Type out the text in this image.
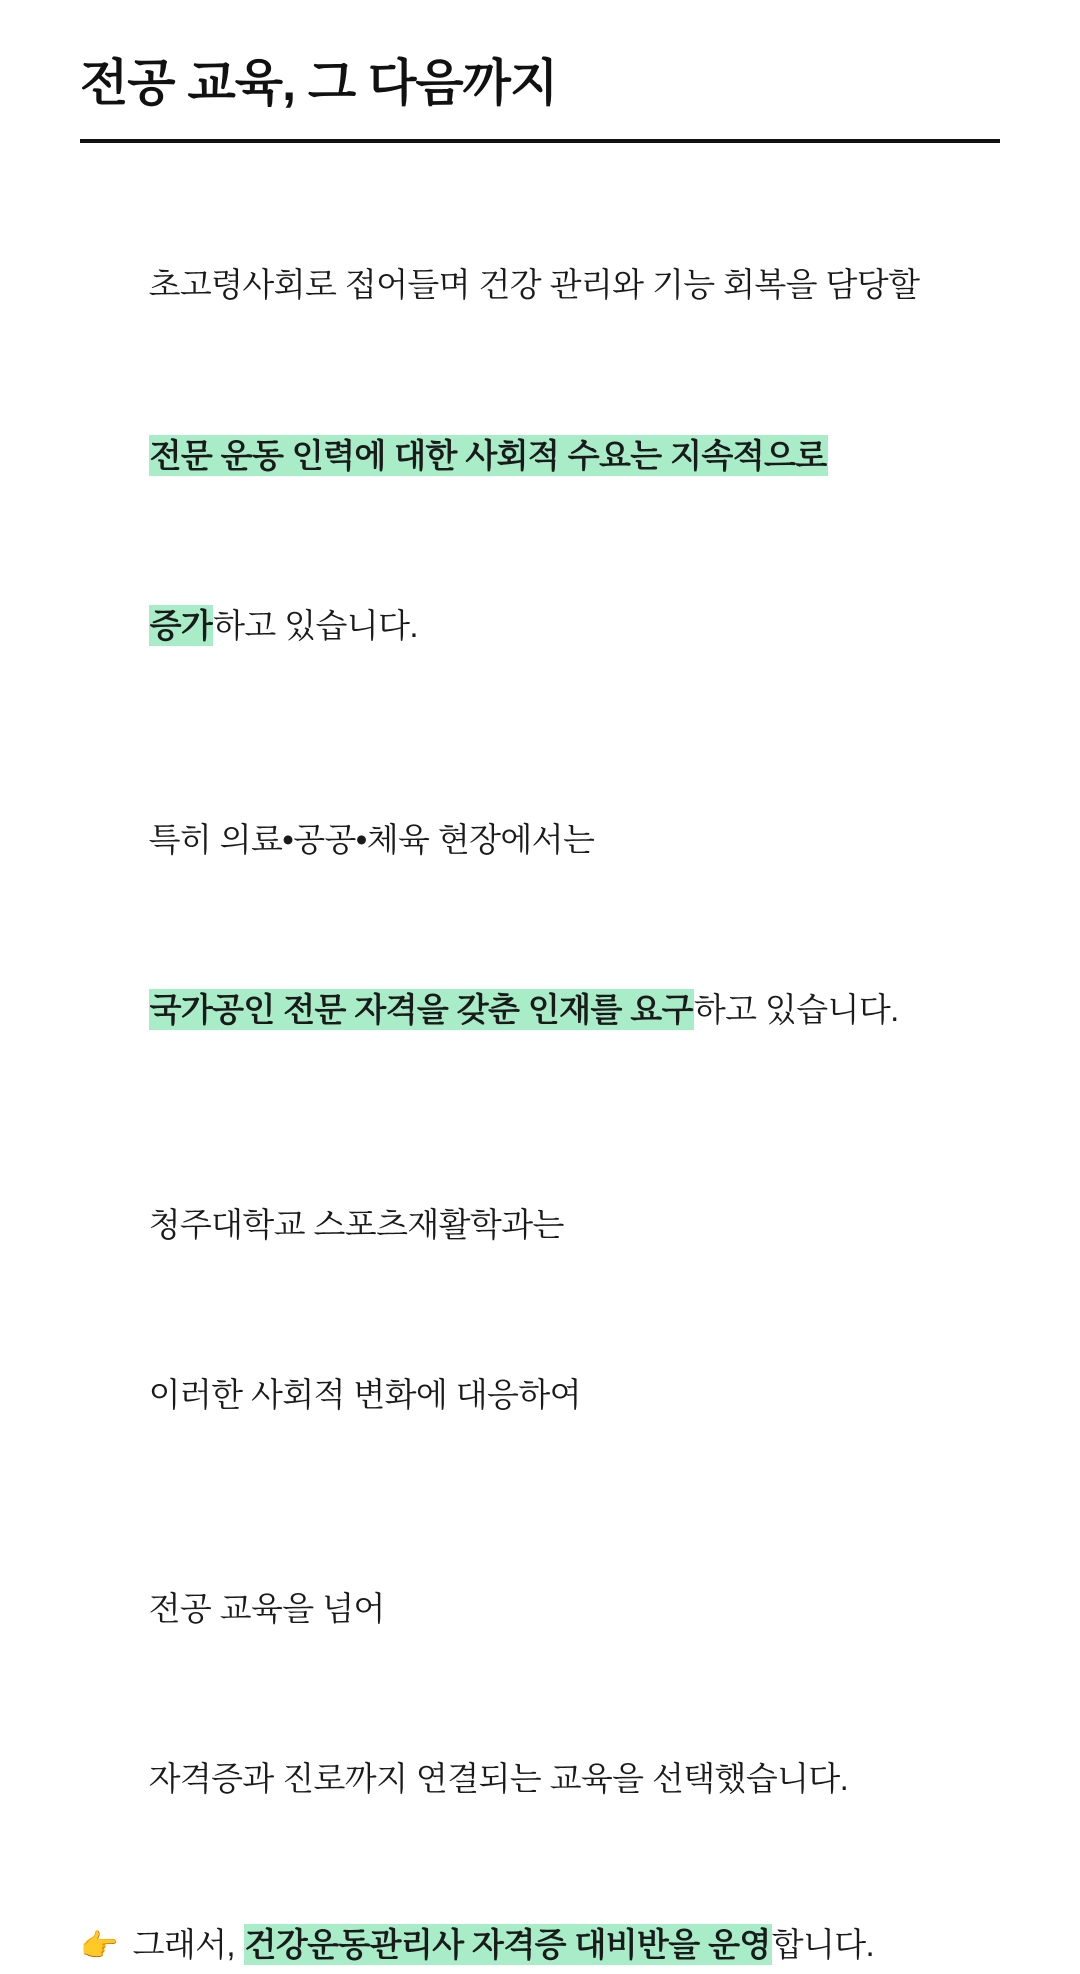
전공 교육, 그 다음까지

초고령사회로 접어들며 건강 관리와 기능 회복을 담당할

전문 운동 인력에 대한 사회적 수요는 지속적으로

증가하고 있습니다.

특히 의료•공공•체육 현장에서는

국가공인 전문 자격을 갖춘 인재를 요구하고 있습니다.

청주대학교 스포츠재활학과는

이러한 사회적 변화에 대응하여

전공 교육을 넘어

자격증과 진로까지 연결되는 교육을 선택했습니다.

👉 그래서, 건강운동관리사 자격증 대비반을 운영합니다.
